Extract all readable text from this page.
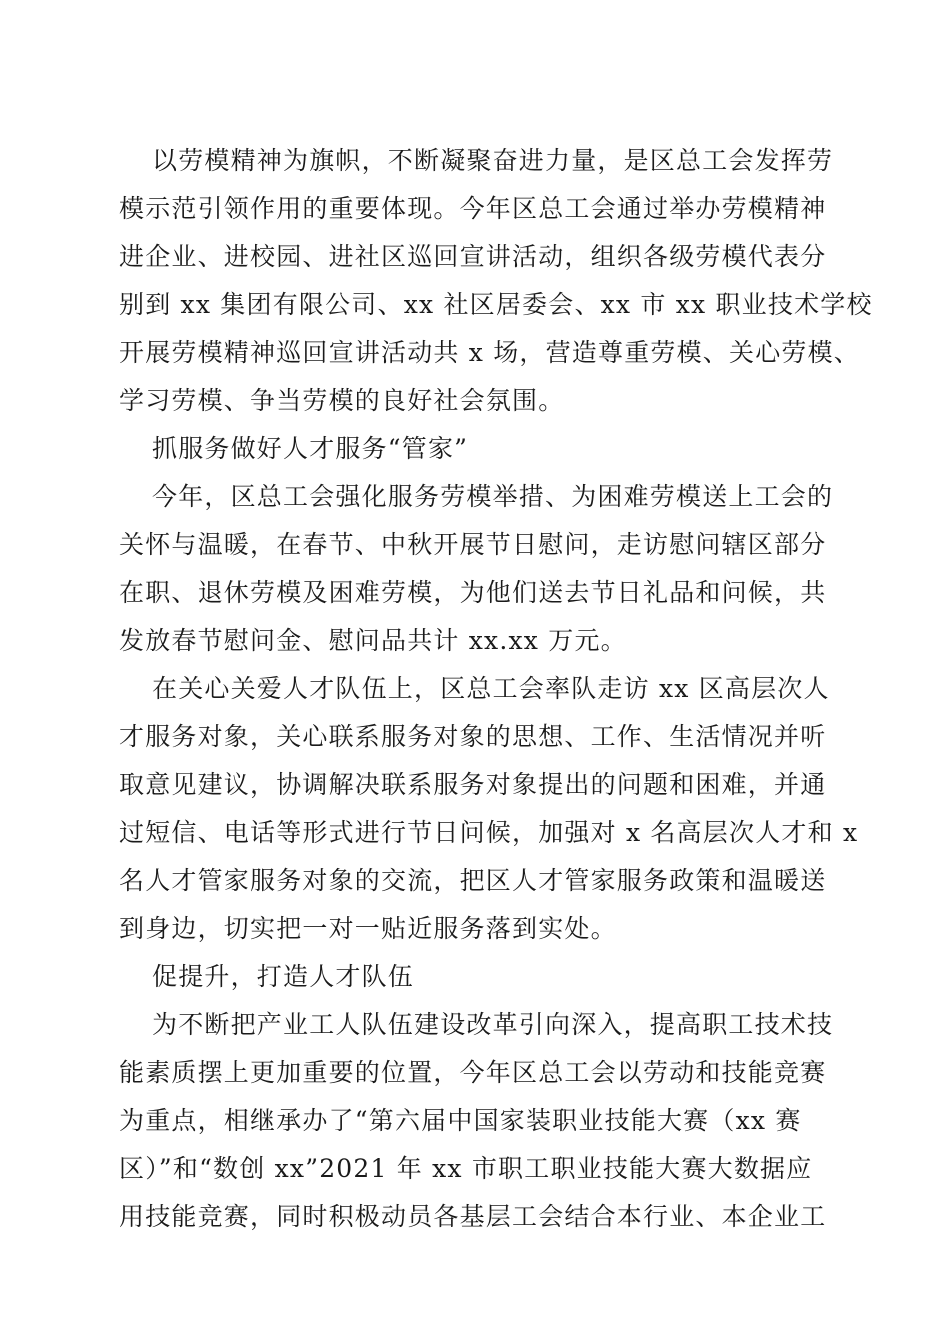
以劳模精神为旗帜，不断凝聚奋进力量，是区总工会发挥劳

模示范引领作用的重要体现。今年区总工会通过举办劳模精神

进企业、进校园、进社区巡回宣讲活动，组织各级劳模代表分

别到 xx 集团有限公司、xx 社区居委会、xx 市 xx 职业技术学校

开展劳模精神巡回宣讲活动共 x 场，营造尊重劳模、关心劳模、

学习劳模、争当劳模的良好社会氛围。

抓服务做好人才服务“管家”

今年，区总工会强化服务劳模举措、为困难劳模送上工会的

关怀与温暖，在春节、中秋开展节日慰问，走访慰问辖区部分

在职、退休劳模及困难劳模，为他们送去节日礼品和问候，共

发放春节慰问金、慰问品共计 xx.xx 万元。

在关心关爱人才队伍上，区总工会率队走访 xx 区高层次人

才服务对象，关心联系服务对象的思想、工作、生活情况并听

取意见建议，协调解决联系服务对象提出的问题和困难，并通

过短信、电话等形式进行节日问候，加强对 x 名高层次人才和 x

名人才管家服务对象的交流，把区人才管家服务政策和温暖送

到身边，切实把一对一贴近服务落到实处。

促提升，打造人才队伍

为不断把产业工人队伍建设改革引向深入，提高职工技术技

能素质摆上更加重要的位置，今年区总工会以劳动和技能竞赛

为重点，相继承办了“第六届中国家装职业技能大赛（xx 赛

区）”和“数创 xx”2021 年 xx 市职工职业技能大赛大数据应

用技能竞赛，同时积极动员各基层工会结合本行业、本企业工
